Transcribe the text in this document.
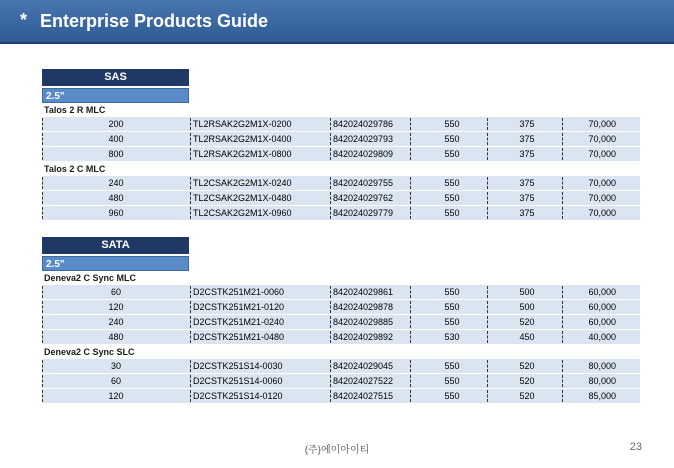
* Enterprise Products Guide
SAS
2.5"
Talos 2 R MLC
200	TL2RSAK2G2M1X-0200	842024029786	550	375	70,000
400	TL2RSAK2G2M1X-0400	842024029793	550	375	70,000
800	TL2RSAK2G2M1X-0800	842024029809	550	375	70,000
Talos 2 C MLC
240	TL2CSAK2G2M1X-0240	842024029755	550	375	70,000
480	TL2CSAK2G2M1X-0480	842024029762	550	375	70,000
960	TL2CSAK2G2M1X-0960	842024029779	550	375	70,000
SATA
2.5"
Deneva2 C Sync MLC
60	D2CSTK251M21-0060	842024029861	550	500	60,000
120	D2CSTK251M21-0120	842024029878	550	500	60,000
240	D2CSTK251M21-0240	842024029885	550	520	60,000
480	D2CSTK251M21-0480	842024029892	530	450	40,000
Deneva2 C Sync SLC
30	D2CSTK251S14-0030	842024029045	550	520	80,000
60	D2CSTK251S14-0060	842024027522	550	520	80,000
120	D2CSTK251S14-0120	842024027515	550	520	85,000
(주)에이아이티	23
